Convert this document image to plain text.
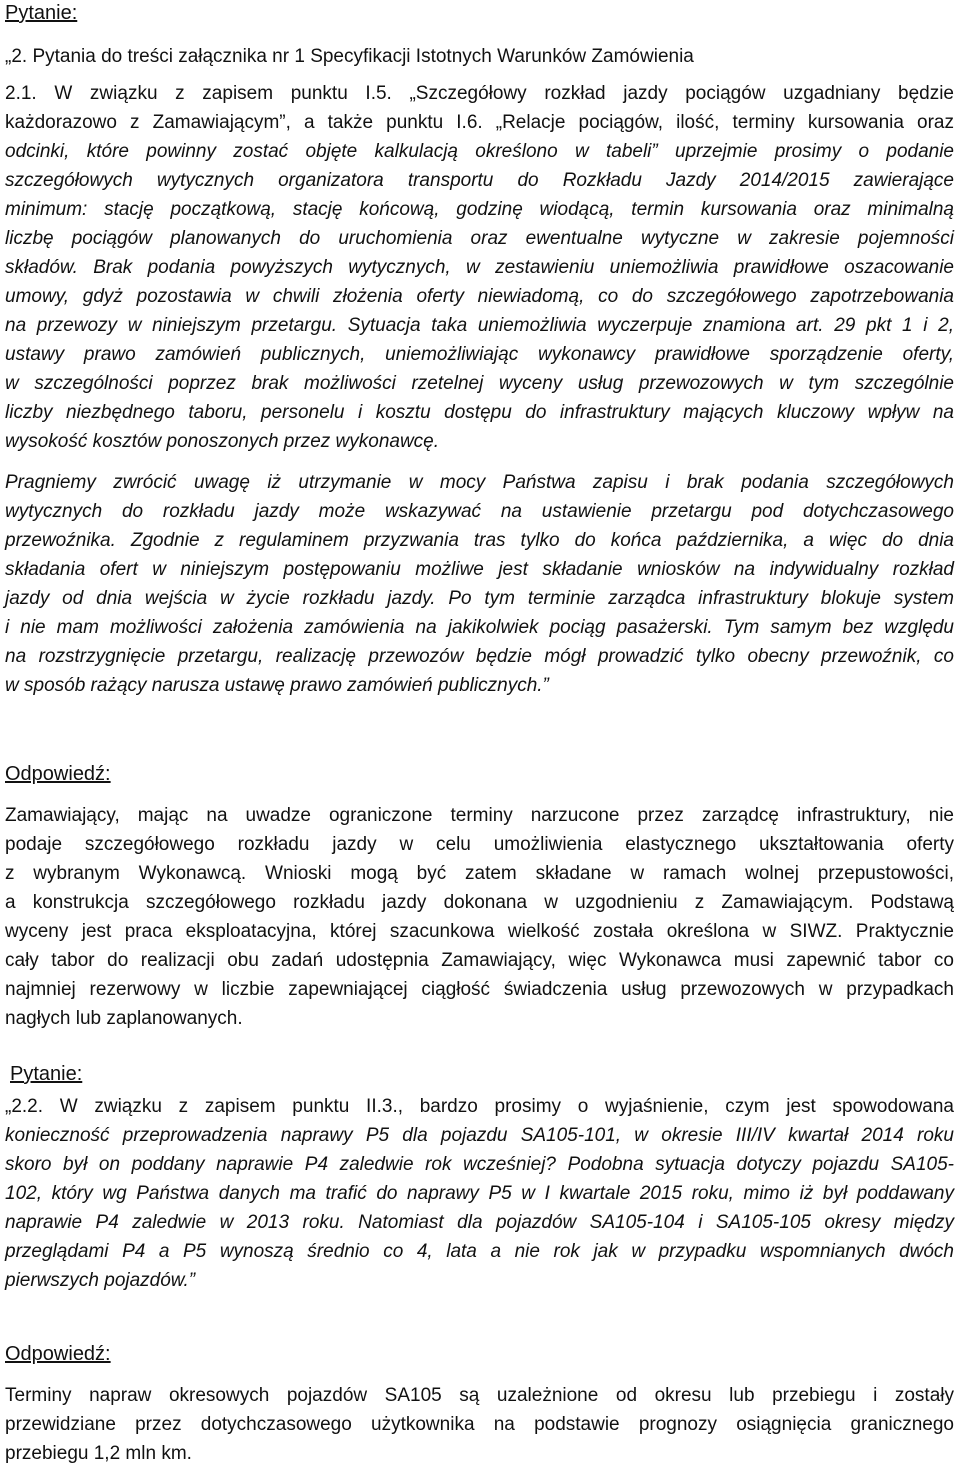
Pytanie:
„2. Pytania do treści załącznika nr 1 Specyfikacji Istotnych Warunków Zamówienia
2.1. W związku z zapisem punktu I.5. „Szczegółowy rozkład jazdy pociągów uzgadniany będzie
każdorazowo z Zamawiającym”, a także punktu I.6. „Relacje pociągów, ilość, terminy kursowania oraz
odcinki, które powinny zostać objęte kalkulacją określono w tabeli” uprzejmie prosimy o podanie
szczegółowych wytycznych organizatora transportu do Rozkładu Jazdy 2014/2015 zawierające
minimum: stację początkową, stację końcową, godzinę wiodącą, termin kursowania oraz minimalną
liczbę pociągów planowanych do uruchomienia oraz ewentualne wytyczne w zakresie pojemności
składów. Brak podania powyższych wytycznych, w zestawieniu uniemożliwia prawidłowe oszacowanie
umowy, gdyż pozostawia w chwili złożenia oferty niewiadomą, co do szczegółowego zapotrzebowania
na przewozy w niniejszym przetargu. Sytuacja taka uniemożliwia wyczerpuje znamiona art. 29 pkt 1 i 2,
ustawy prawo zamówień publicznych, uniemożliwiając wykonawcy prawidłowe sporządzenie oferty,
w szczególności poprzez brak możliwości rzetelnej wyceny usług przewozowych w tym szczególnie
liczby niezbędnego taboru, personelu i kosztu dostępu do infrastruktury mających kluczowy wpływ na
wysokość kosztów ponoszonych przez wykonawcę.
Pragniemy zwrócić uwagę iż utrzymanie w mocy Państwa zapisu i brak podania szczegółowych
wytycznych do rozkładu jazdy może wskazywać na ustawienie przetargu pod dotychczasowego
przewoźnika. Zgodnie z regulaminem przyzwania tras tylko do końca października, a więc do dnia
składania ofert w niniejszym postępowaniu możliwe jest składanie wniosków na indywidualny rozkład
jazdy od dnia wejścia w życie rozkładu jazdy. Po tym terminie zarządca infrastruktury blokuje system
i nie mam możliwości założenia zamówienia na jakikolwiek pociąg pasażerski. Tym samym bez względu
na rozstrzygnięcie przetargu, realizację przewozów będzie mógł prowadzić tylko obecny przewoźnik, co
w sposób rażący narusza ustawę prawo zamówień publicznych.”
Odpowiedź:
Zamawiający, mając na uwadze ograniczone terminy narzucone przez zarządcę infrastruktury, nie
podaje szczegółowego rozkładu jazdy w celu umożliwienia elastycznego ukształtowania oferty
z wybranym Wykonawcą. Wnioski mogą być zatem składane w ramach wolnej przepustowości,
a konstrukcja szczegółowego rozkładu jazdy dokonana w uzgodnieniu z Zamawiającym. Podstawą
wyceny jest praca eksploatacyjna, której szacunkowa wielkość została określona w SIWZ. Praktycznie
cały tabor do realizacji obu zadań udostępnia Zamawiający, więc Wykonawca musi zapewnić tabor co
najmniej rezerwowy w liczbie zapewniającej ciągłość świadczenia usług przewozowych w przypadkach
nagłych lub zaplanowanych.
Pytanie:
„2.2. W związku z zapisem punktu II.3., bardzo prosimy o wyjaśnienie, czym jest spowodowana
konieczność przeprowadzenia naprawy P5 dla pojazdu SA105-101, w okresie III/IV kwartał 2014 roku
skoro był on poddany naprawie P4 zaledwie rok wcześniej? Podobna sytuacja dotyczy pojazdu SA105-
102, który wg Państwa danych ma trafić do naprawy P5 w I kwartale 2015 roku, mimo iż był poddawany
naprawie P4 zaledwie w 2013 roku. Natomiast dla pojazdów SA105-104 i SA105-105 okresy między
przeglądami P4 a P5 wynoszą średnio co 4, lata a nie rok jak w przypadku wspomnianych dwóch
pierwszych pojazdów.”
Odpowiedź:
Terminy napraw okresowych pojazdów SA105 są uzależnione od okresu lub przebiegu i zostały
przewidziane przez dotychczasowego użytkownika na podstawie prognozy osiągnięcia granicznego
przebiegu 1,2 mln km.
